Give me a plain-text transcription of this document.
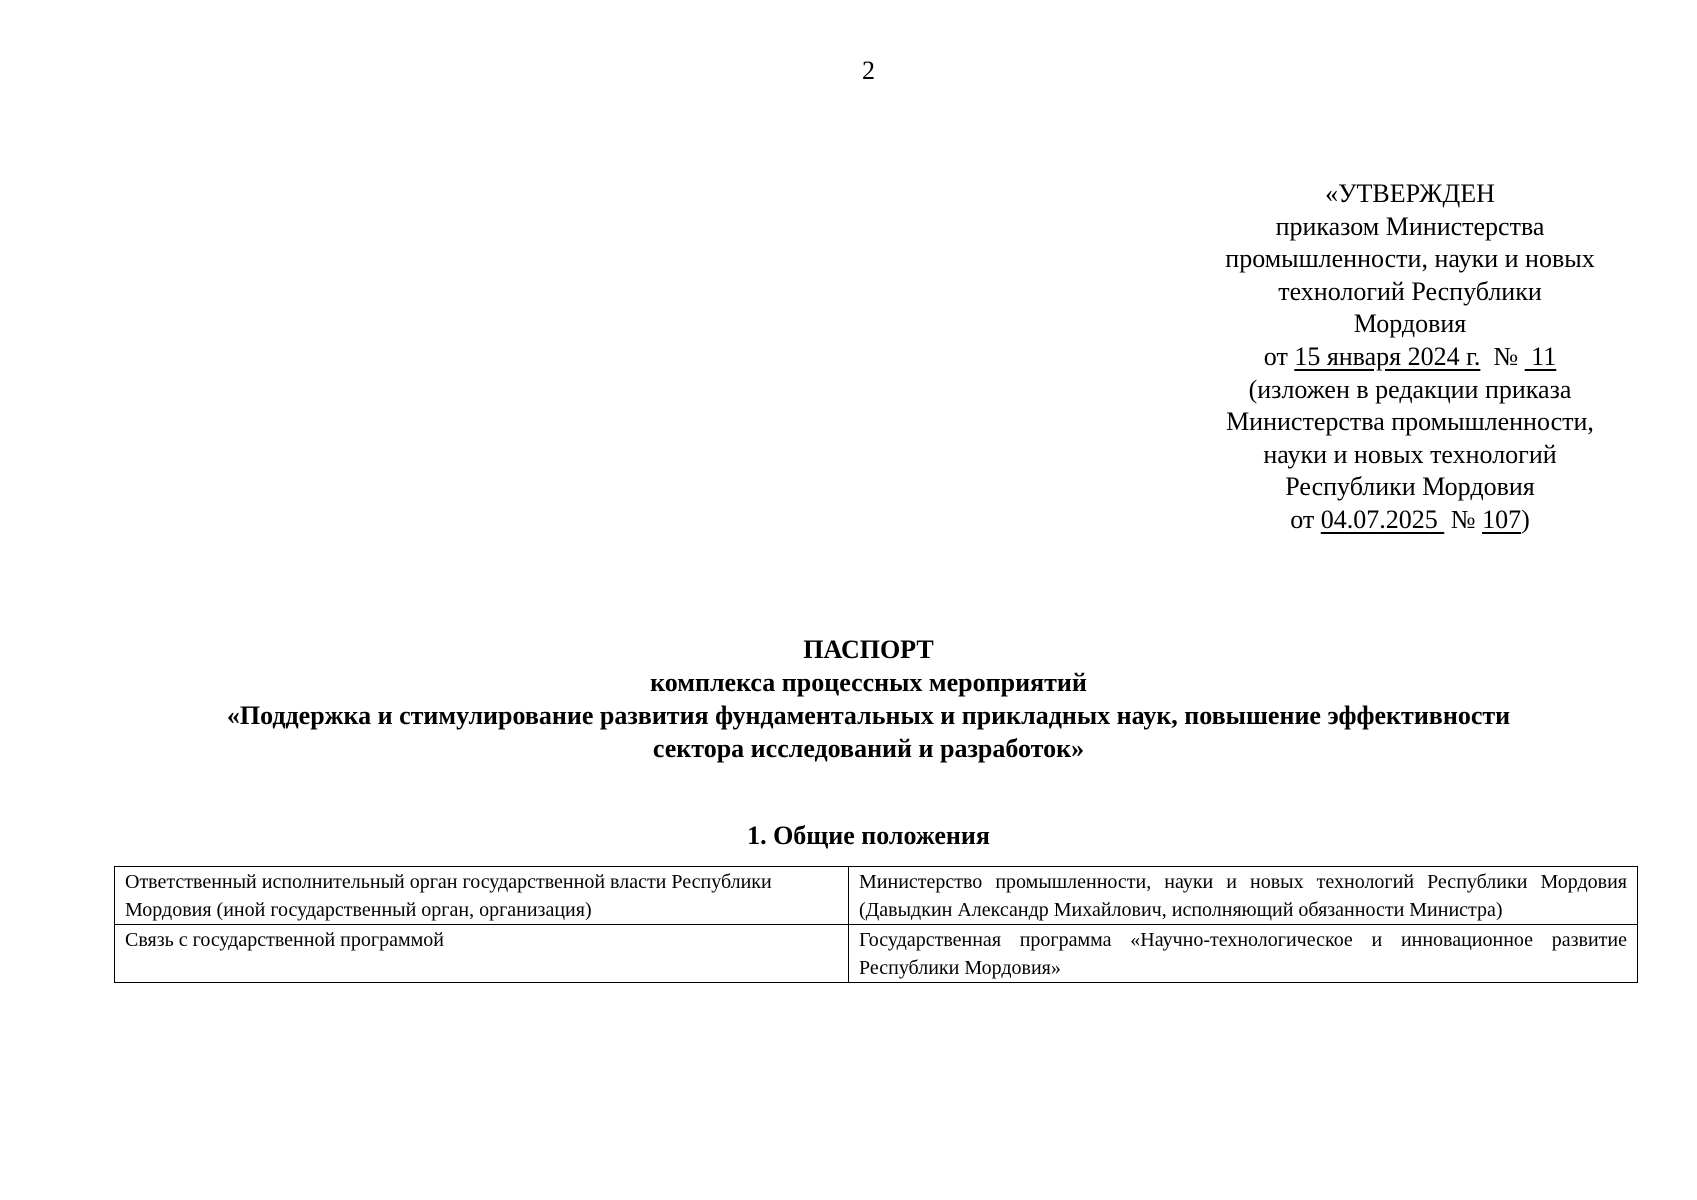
2
«УТВЕРЖДЕН
приказом Министерства
промышленности, науки и новых
технологий Республики
Мордовия
от 15 января 2024 г.  №  11
(изложен в редакции приказа
Министерства промышленности,
науки и новых технологий
Республики Мордовия
от 04.07.2025  № 107)
ПАСПОРТ
комплекса процессных мероприятий
«Поддержка и стимулирование развития фундаментальных и прикладных наук, повышение эффективности
сектора исследований и разработок»
1. Общие положения
Ответственный исполнительный орган государственной власти Республики Мордовия (иной государственный орган, организация)	Министерство промышленности, науки и новых технологий Республики Мордовия (Давыдкин Александр Михайлович, исполняющий обязанности Министра)
Связь с государственной программой	Государственная программа «Научно-технологическое и инновационное развитие Республики Мордовия»
